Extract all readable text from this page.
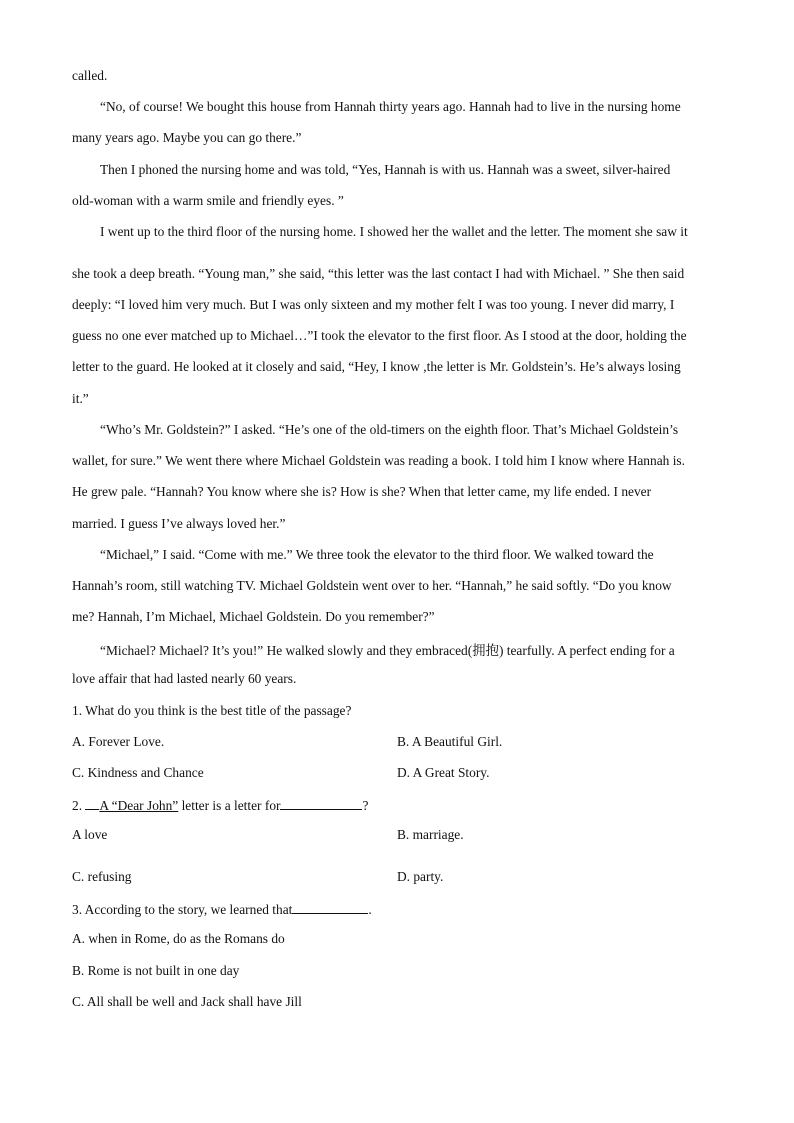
called.
“No, of course! We bought this house from Hannah thirty years ago. Hannah had to live in the nursing home
many years ago. Maybe you can go there.”
Then I phoned the nursing home and was told, “Yes, Hannah is with us. Hannah was a sweet, silver-haired
old-woman with a warm smile and friendly eyes. ”
I went up to the third floor of the nursing home. I showed her the wallet and the letter. The moment she saw it
she took a deep breath. “Young man,” she said, “this letter was the last contact I had with Michael. ” She then said
deeply: “I loved him very much. But I was only sixteen and my mother felt I was too young. I never did marry, I
guess no one ever matched up to Michael…”I took the elevator to the first floor. As I stood at the door, holding the
letter to the guard. He looked at it closely and said, “Hey, I know ,the letter is Mr. Goldstein’s. He’s always losing
it.”
“Who’s Mr. Goldstein?” I asked. “He’s one of the old-timers on the eighth floor. That’s Michael Goldstein’s
wallet, for sure.” We went there where Michael Goldstein was reading a book. I told him I know where Hannah is.
He grew pale. “Hannah? You know where she is? How is she? When that letter came, my life ended. I never
married. I guess I’ve always loved her.”
“Michael,” I said. “Come with me.” We three took the elevator to the third floor. We walked toward the
Hannah’s room, still watching TV. Michael Goldstein went over to her. “Hannah,” he said softly. “Do you know
me? Hannah, I’m Michael, Michael Goldstein. Do you remember?”
“Michael? Michael? It’s you!” He walked slowly and they embraced(拥抱) tearfully. A perfect ending for a
love affair that had lasted nearly 60 years.
1. What do you think is the best title of the passage?
A. Forever Love.	B. A Beautiful Girl.
C. Kindness and Chance	D. A Great Story.
2. A “Dear John” letter is a letter for	?
A love	B. marriage.
C. refusing	D. party.
3. According to the story, we learned that	.
A. when in Rome, do as the Romans do
B. Rome is not built in one day
C. All shall be well and Jack shall have Jill
